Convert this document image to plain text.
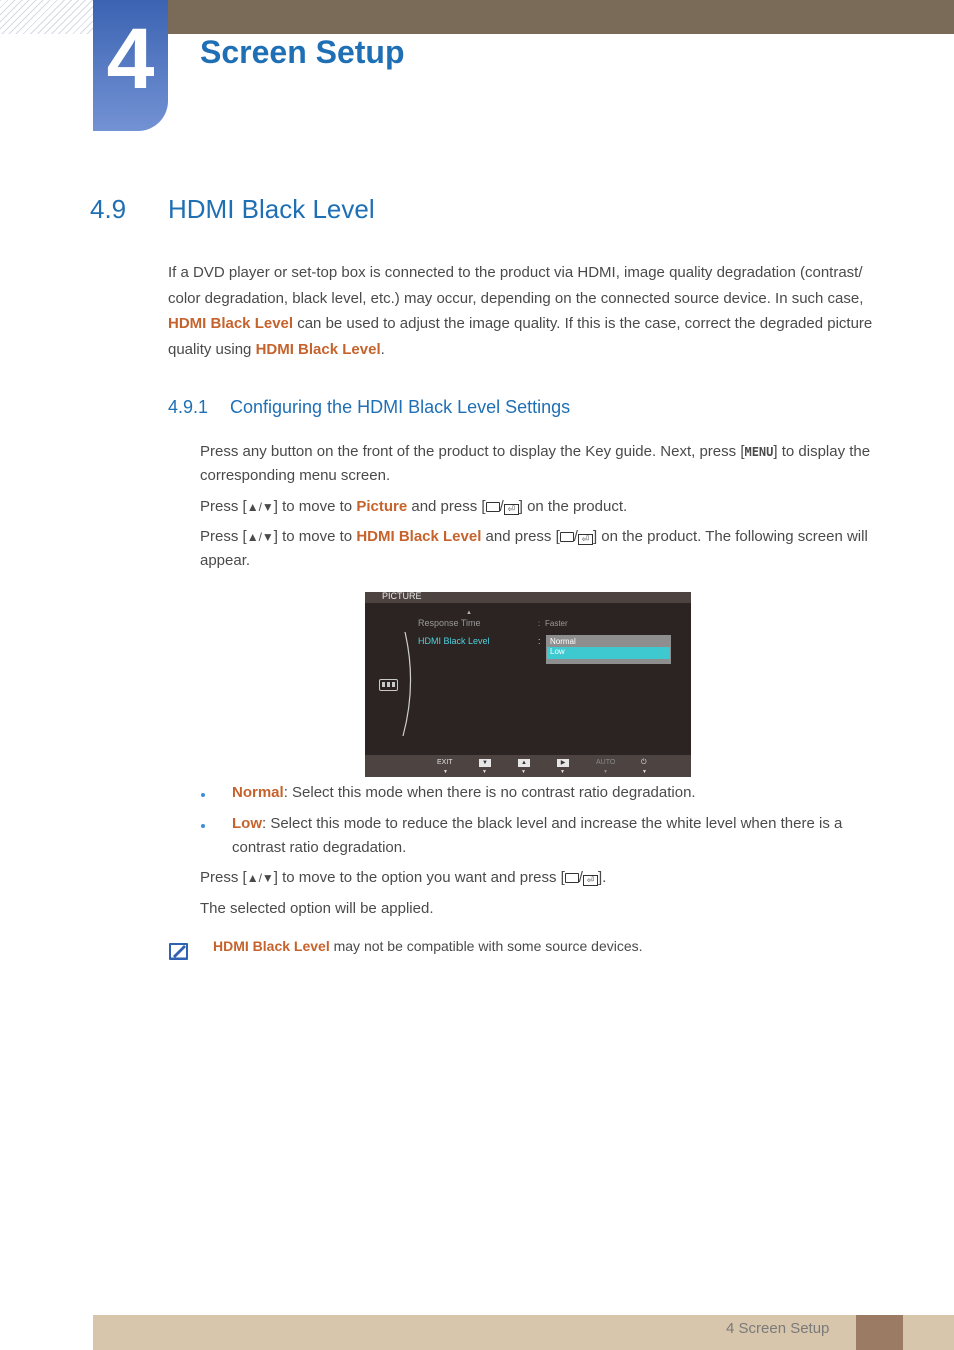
4	Screen Setup
4.9 HDMI Black Level

If a DVD player or set-top box is connected to the product via HDMI, image quality degradation (contrast/ color degradation, black level, etc.) may occur, depending on the connected source device. In such case, HDMI Black Level can be used to adjust the image quality. If this is the case, correct the degraded picture quality using HDMI Black Level.

4.9.1 Configuring the HDMI Black Level Settings

Press any button on the front of the product to display the Key guide. Next, press [MENU] to display the corresponding menu screen.

Press [▲/▼] to move to Picture and press [ / ⏎ ] on the product.

Press [▲/▼] to move to HDMI Black Level and press [ / ⏎ ] on the product. The following screen will appear.

PICTURE
▲
Response Time	: Faster
HDMI Black Level	: Normal
Low
EXIT	▼	▲	▶	AUTO	⏻
▼	▼	▼	▼	▼	▼

Normal: Select this mode when there is no contrast ratio degradation.

Low: Select this mode to reduce the black level and increase the white level when there is a contrast ratio degradation.

Press [▲/▼] to move to the option you want and press [ / ⏎ ].

The selected option will be applied.

HDMI Black Level may not be compatible with some source devices.
4 Screen Setup
